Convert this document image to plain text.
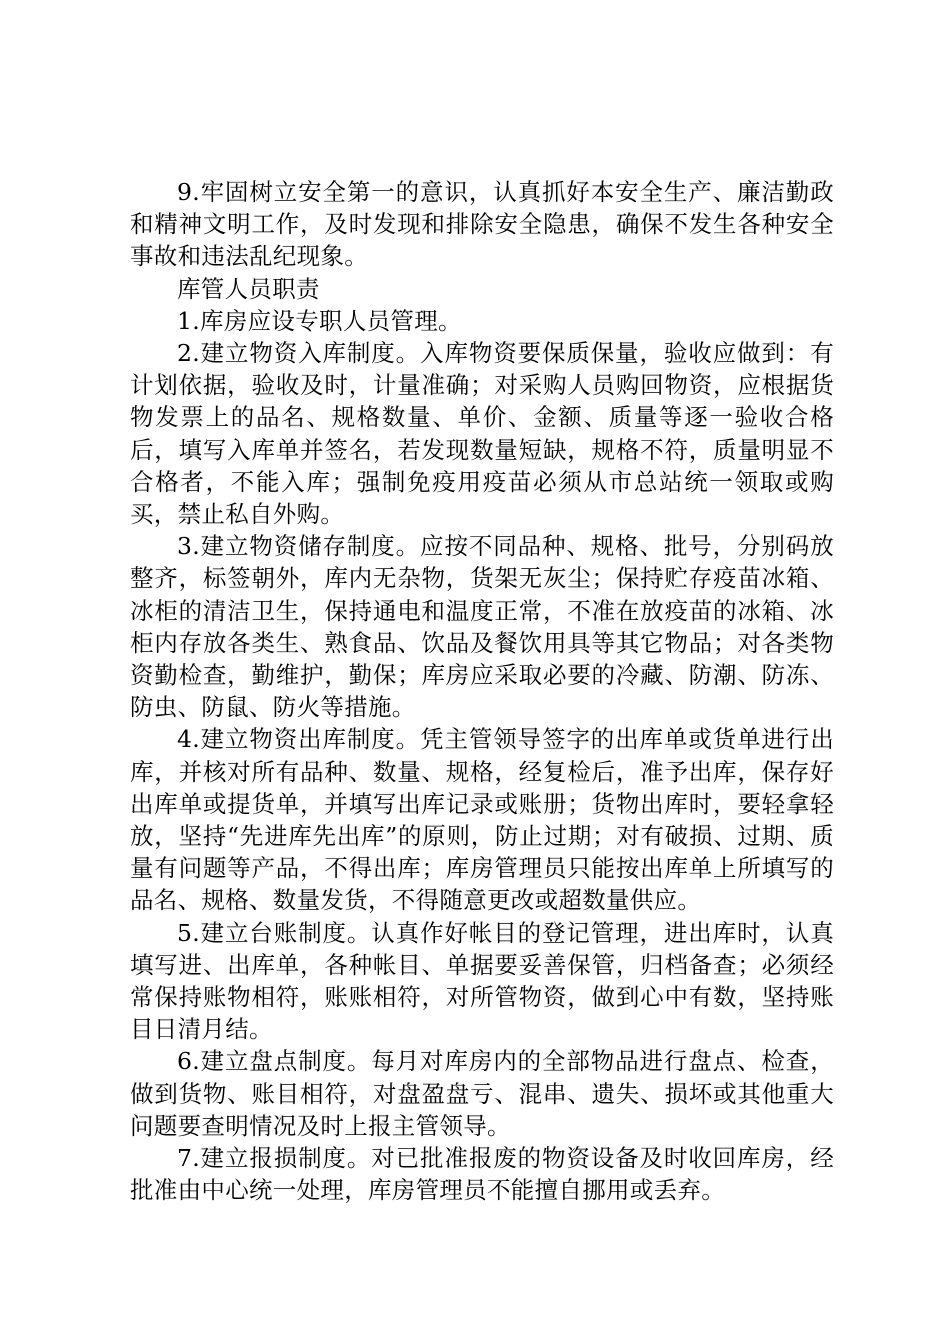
9.牢固树立安全第一的意识，认真抓好本安全生产、廉洁勤政和精神文明工作，及时发现和排除安全隐患，确保不发生各种安全事故和违法乱纪现象。

库管人员职责

1.库房应设专职人员管理。

2.建立物资入库制度。入库物资要保质保量，验收应做到：有计划依据，验收及时，计量准确；对采购人员购回物资，应根据货物发票上的品名、规格数量、单价、金额、质量等逐一验收合格后，填写入库单并签名，若发现数量短缺，规格不符，质量明显不合格者，不能入库；强制免疫用疫苗必须从市总站统一领取或购买，禁止私自外购。

3.建立物资储存制度。应按不同品种、规格、批号，分别码放整齐，标签朝外，库内无杂物，货架无灰尘；保持贮存疫苗冰箱、冰柜的清洁卫生，保持通电和温度正常，不准在放疫苗的冰箱、冰柜内存放各类生、熟食品、饮品及餐饮用具等其它物品；对各类物资勤检查，勤维护，勤保；库房应采取必要的冷藏、防潮、防冻、防虫、防鼠、防火等措施。

4.建立物资出库制度。凭主管领导签字的出库单或货单进行出库，并核对所有品种、数量、规格，经复检后，准予出库，保存好出库单或提货单，并填写出库记录或账册；货物出库时，要轻拿轻放，坚持“先进库先出库”的原则，防止过期；对有破损、过期、质量有问题等产品，不得出库；库房管理员只能按出库单上所填写的品名、规格、数量发货，不得随意更改或超数量供应。

5.建立台账制度。认真作好帐目的登记管理，进出库时，认真填写进、出库单，各种帐目、单据要妥善保管，归档备查；必须经常保持账物相符，账账相符，对所管物资，做到心中有数，坚持账目日清月结。

6.建立盘点制度。每月对库房内的全部物品进行盘点、检查，做到货物、账目相符，对盘盈盘亏、混串、遗失、损坏或其他重大问题要查明情况及时上报主管领导。

7.建立报损制度。对已批准报废的物资设备及时收回库房，经批准由中心统一处理，库房管理员不能擅自挪用或丢弃。
